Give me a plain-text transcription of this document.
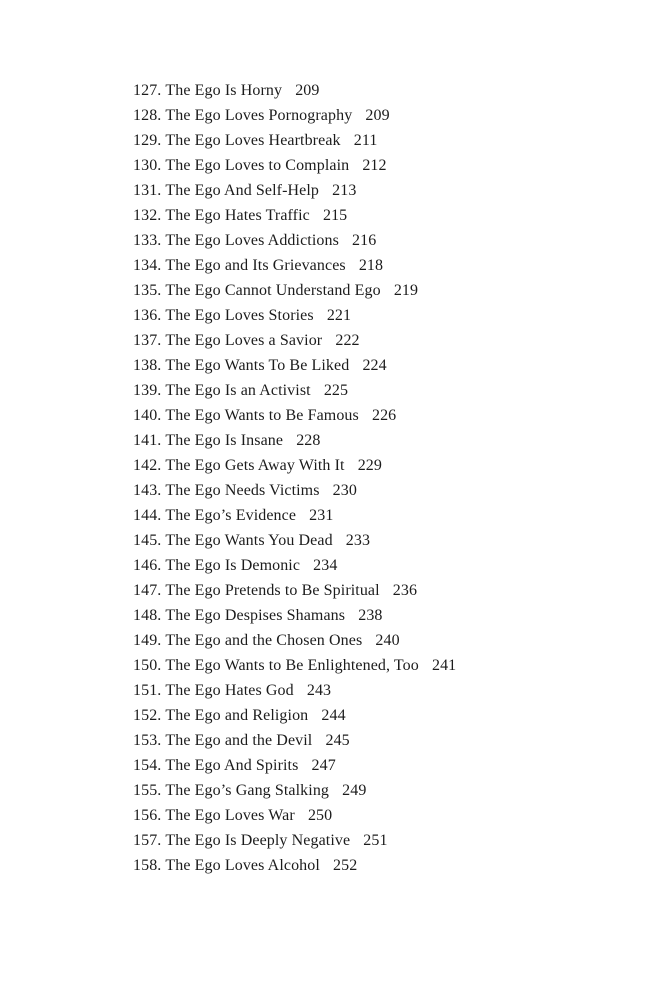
127. The Ego Is Horny 209
128. The Ego Loves Pornography 209
129. The Ego Loves Heartbreak 211
130. The Ego Loves to Complain 212
131. The Ego And Self-Help 213
132. The Ego Hates Traffic 215
133. The Ego Loves Addictions 216
134. The Ego and Its Grievances 218
135. The Ego Cannot Understand Ego 219
136. The Ego Loves Stories 221
137. The Ego Loves a Savior 222
138. The Ego Wants To Be Liked 224
139. The Ego Is an Activist 225
140. The Ego Wants to Be Famous 226
141. The Ego Is Insane 228
142. The Ego Gets Away With It 229
143. The Ego Needs Victims 230
144. The Ego’s Evidence 231
145. The Ego Wants You Dead 233
146. The Ego Is Demonic 234
147. The Ego Pretends to Be Spiritual 236
148. The Ego Despises Shamans 238
149. The Ego and the Chosen Ones 240
150. The Ego Wants to Be Enlightened, Too 241
151. The Ego Hates God 243
152. The Ego and Religion 244
153. The Ego and the Devil 245
154. The Ego And Spirits 247
155. The Ego’s Gang Stalking 249
156. The Ego Loves War 250
157. The Ego Is Deeply Negative 251
158. The Ego Loves Alcohol 252
